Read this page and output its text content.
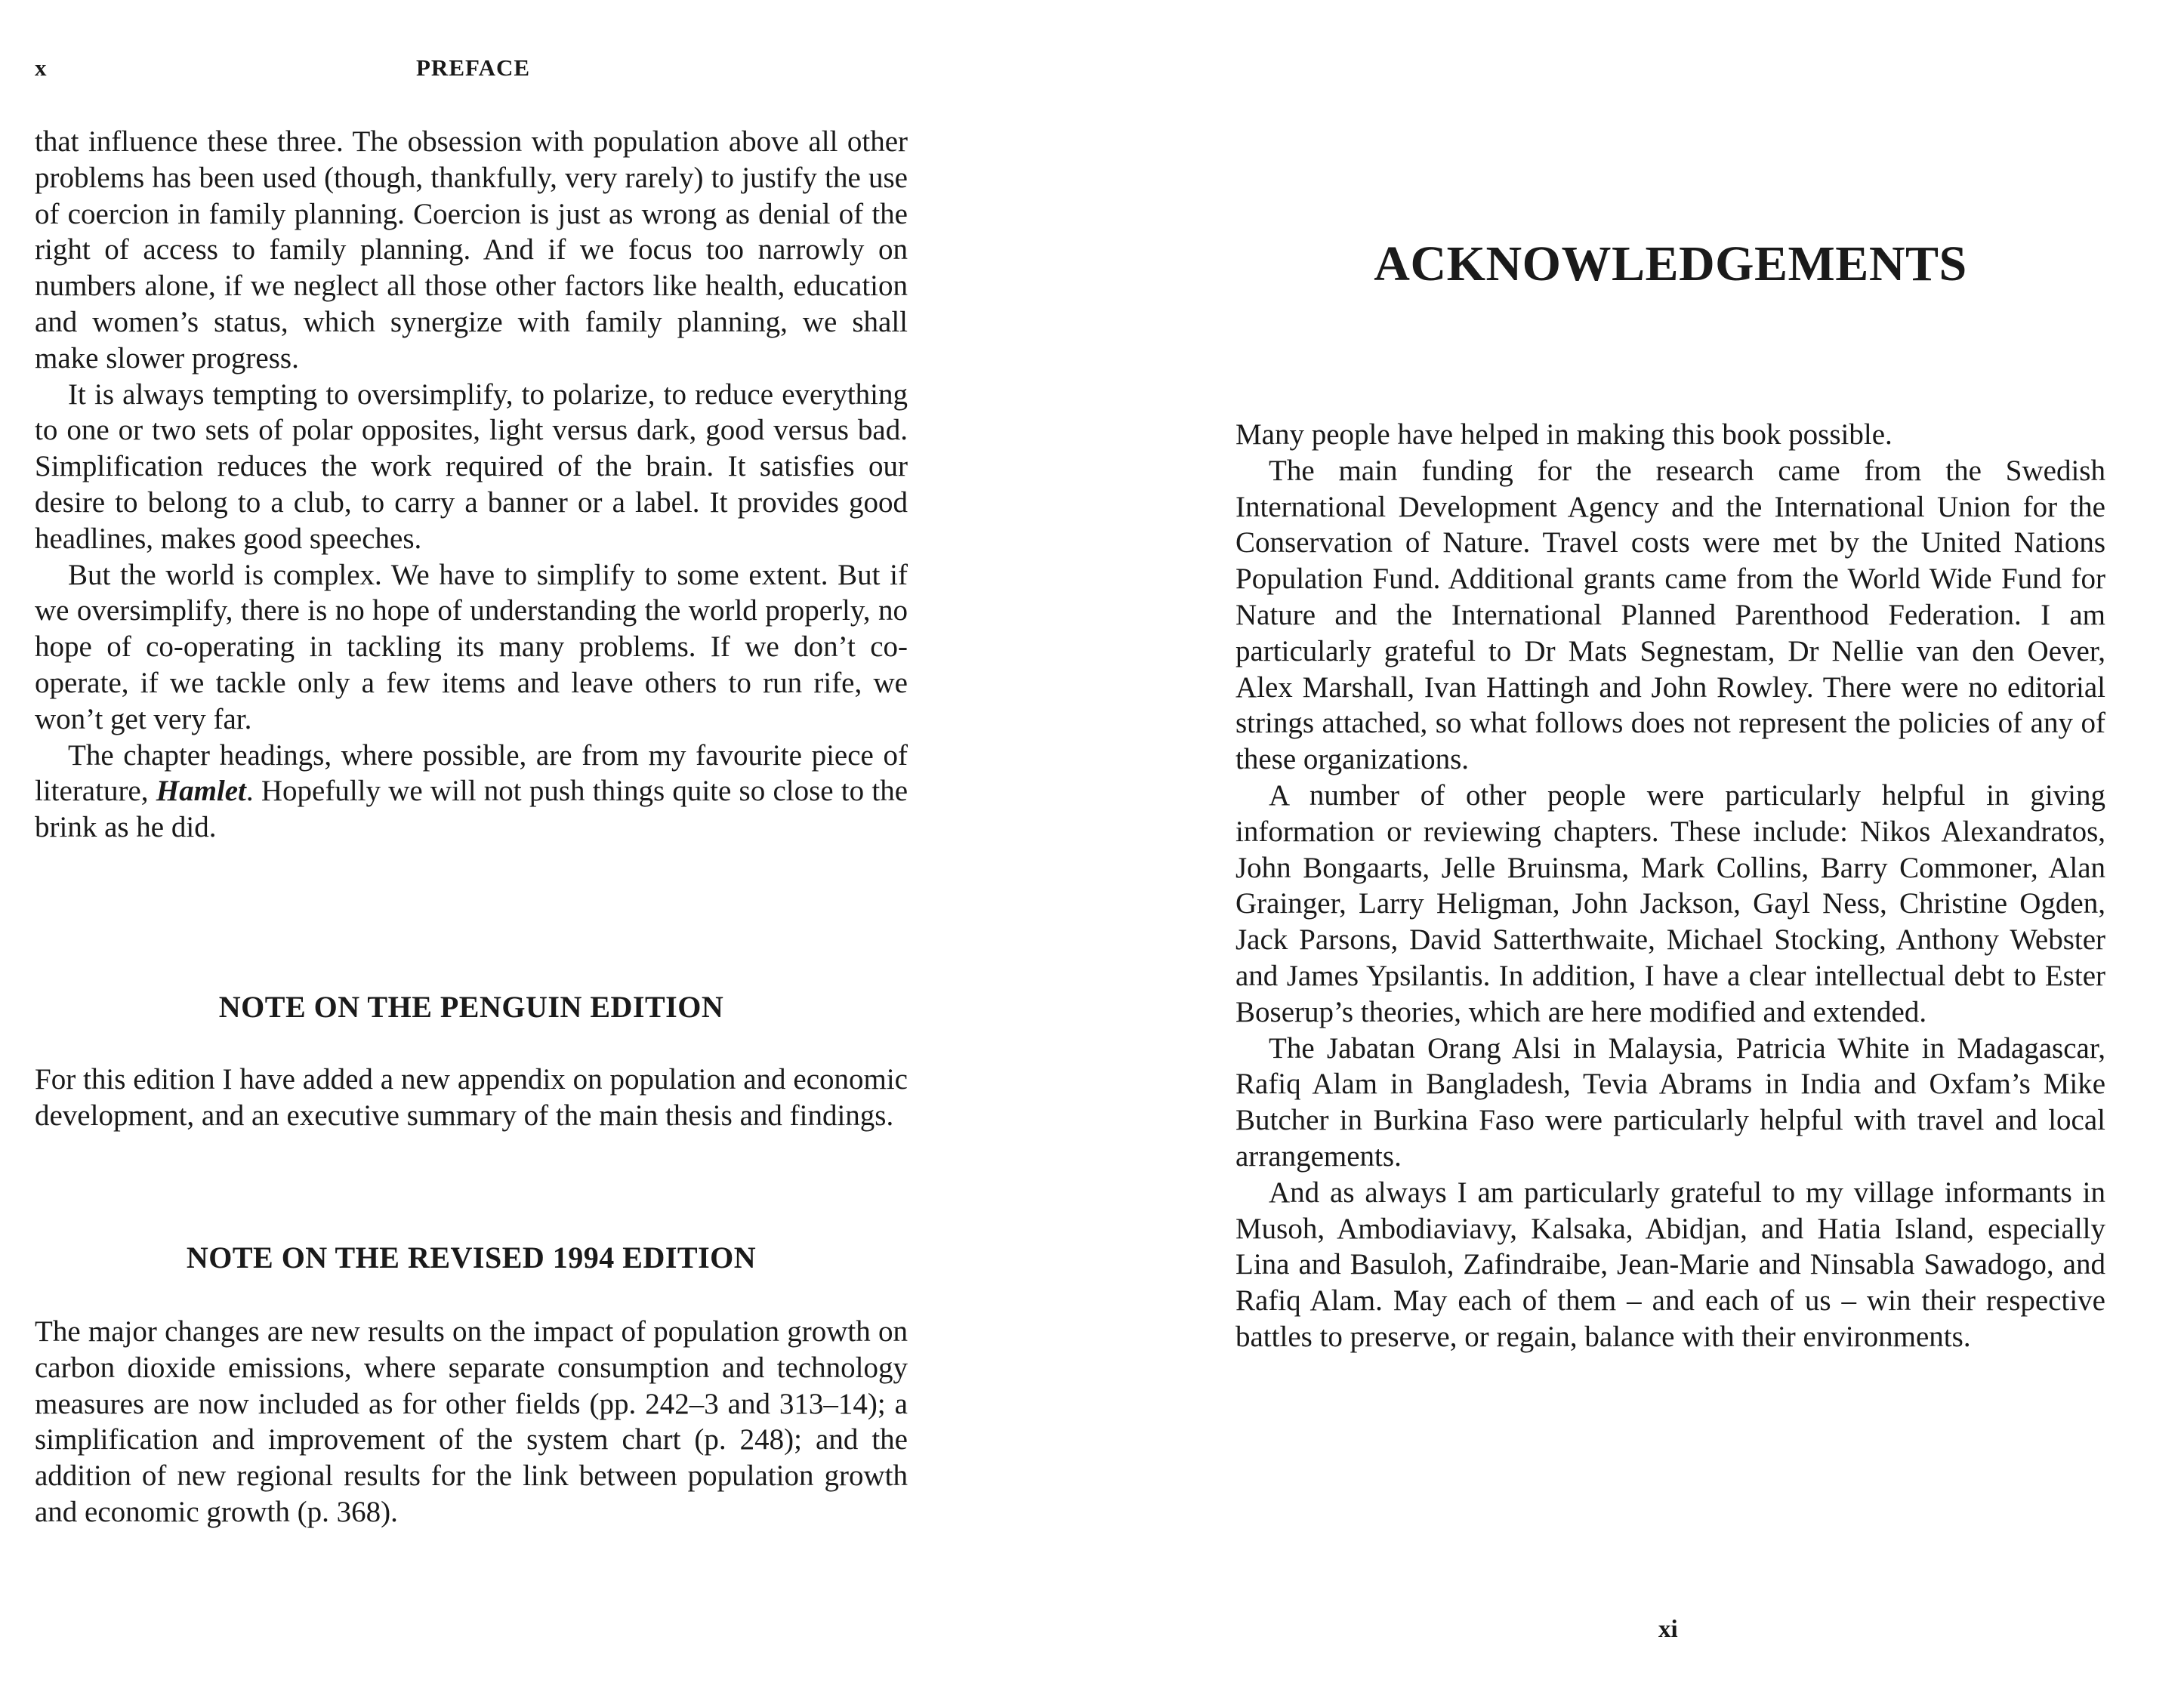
x	PREFACE

that influence these three. The obsession with population above all other problems has been used (though, thankfully, very rarely) to justify the use of coercion in family planning. Coercion is just as wrong as denial of the right of access to family planning. And if we focus too narrowly on numbers alone, if we neglect all those other factors like health, education and women’s status, which synergize with family planning, we shall make slower progress.

It is always tempting to oversimplify, to polarize, to reduce everything to one or two sets of polar opposites, light versus dark, good versus bad. Simplification reduces the work required of the brain. It satisfies our desire to belong to a club, to carry a banner or a label. It provides good headlines, makes good speeches.

But the world is complex. We have to simplify to some extent. But if we oversimplify, there is no hope of understanding the world properly, no hope of co-operating in tackling its many problems. If we don’t co-operate, if we tackle only a few items and leave others to run rife, we won’t get very far.

The chapter headings, where possible, are from my favourite piece of literature, Hamlet. Hopefully we will not push things quite so close to the brink as he did.

NOTE ON THE PENGUIN EDITION

For this edition I have added a new appendix on population and economic development, and an executive summary of the main thesis and findings.

NOTE ON THE REVISED 1994 EDITION

The major changes are new results on the impact of population growth on carbon dioxide emissions, where separate consumption and technology measures are now included as for other fields (pp. 242–3 and 313–14); a simplification and improvement of the system chart (p. 248); and the addition of new regional results for the link between population growth and economic growth (p. 368).

ACKNOWLEDGEMENTS

Many people have helped in making this book possible.

The main funding for the research came from the Swedish International Development Agency and the International Union for the Conservation of Nature. Travel costs were met by the United Nations Population Fund. Additional grants came from the World Wide Fund for Nature and the International Planned Parenthood Federation. I am particularly grateful to Dr Mats Segnestam, Dr Nellie van den Oever, Alex Marshall, Ivan Hattingh and John Rowley. There were no editorial strings attached, so what follows does not represent the policies of any of these organizations.

A number of other people were particularly helpful in giving information or reviewing chapters. These include: Nikos Alexandratos, John Bongaarts, Jelle Bruinsma, Mark Collins, Barry Commoner, Alan Grainger, Larry Heligman, John Jackson, Gayl Ness, Christine Ogden, Jack Parsons, David Satterthwaite, Michael Stocking, Anthony Webster and James Ypsilantis. In addition, I have a clear intellectual debt to Ester Boserup’s theories, which are here modified and extended.

The Jabatan Orang Alsi in Malaysia, Patricia White in Madagascar, Rafiq Alam in Bangladesh, Tevia Abrams in India and Oxfam’s Mike Butcher in Burkina Faso were particularly helpful with travel and local arrangements.

And as always I am particularly grateful to my village informants in Musoh, Ambodiaviavy, Kalsaka, Abidjan, and Hatia Island, especially Lina and Basuloh, Zafindraibe, Jean-Marie and Ninsabla Sawadogo, and Rafiq Alam. May each of them – and each of us – win their respective battles to preserve, or regain, balance with their environments.

xi
